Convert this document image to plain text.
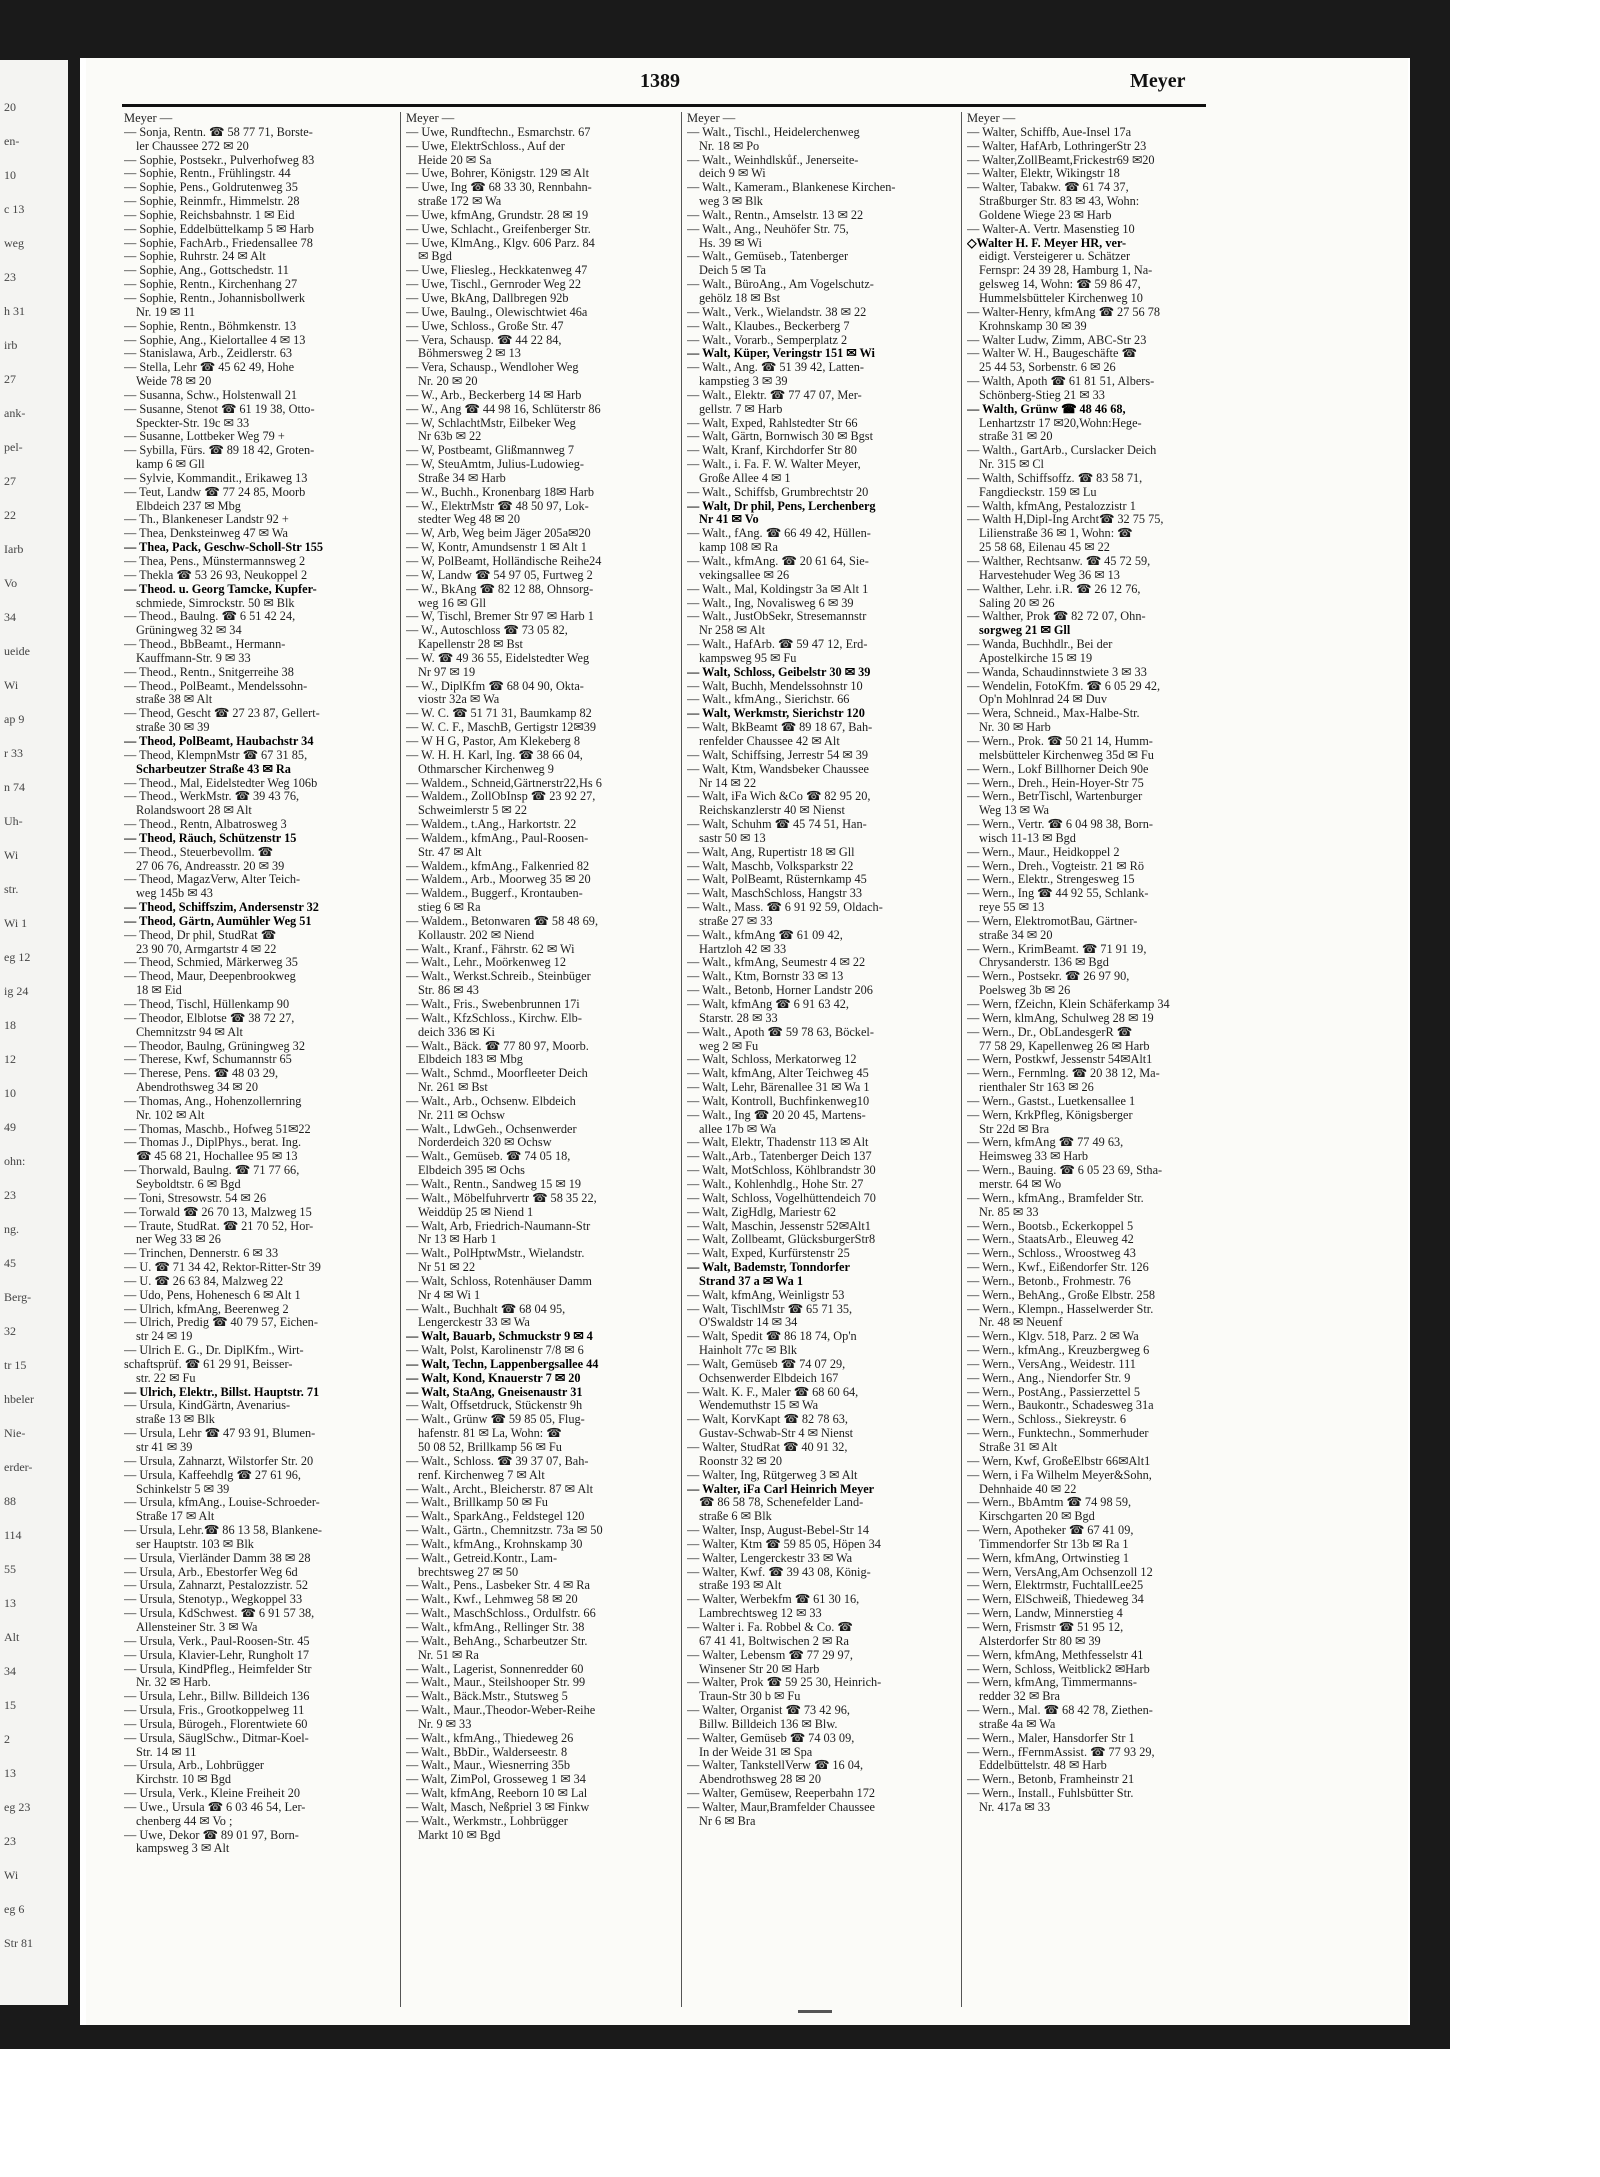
20
en-
10
c 13
weg
23
h 31
irb
27
ank-
pel-
27
22
Iarb
Vo
34
ueide
Wi
ap 9
r 33
n 74
Uh-
Wi
str.
Wi 1
eg 12
ig 24
18
12
10
49
ohn:
23
ng.
45
Berg-
32
tr 15
hbeler
Nie-
erder-
88
114
55
13
Alt
34
15
2
13
eg 23
23
Wi
eg 6
Str 81
1389	Meyer
Meyer —
— Sonja, Rentn. ☎ 58 77 71, Borste-
ler Chaussee 272 ✉ 20
— Sophie, Postsekr., Pulverhofweg 83
— Sophie, Rentn., Frühlingstr. 44
— Sophie, Pens., Goldrutenweg 35
— Sophie, Reinmfr., Himmelstr. 28
— Sophie, Reichsbahnstr. 1 ✉ Eid
— Sophie, Eddelbüttelkamp 5 ✉ Harb
— Sophie, FachArb., Friedensallee 78
— Sophie, Ruhrstr. 24 ✉ Alt
— Sophie, Ang., Gottschedstr. 11
— Sophie, Rentn., Kirchenhang 27
— Sophie, Rentn., Johannisbollwerk
Nr. 19 ✉ 11
— Sophie, Rentn., Böhmkenstr. 13
— Sophie, Ang., Kielortallee 4 ✉ 13
— Stanislawa, Arb., Zeidlerstr. 63
— Stella, Lehr ☎ 45 62 49, Hohe
Weide 78 ✉ 20
— Susanna, Schw., Holstenwall 21
— Susanne, Stenot ☎ 61 19 38, Otto-
Speckter-Str. 19c ✉ 33
— Susanne, Lottbeker Weg 79 +
— Sybilla, Fürs. ☎ 89 18 42, Groten-
kamp 6 ✉ Gll
— Sylvie, Kommandit., Erikaweg 13
— Teut, Landw ☎ 77 24 85, Moorb
Elbdeich 237 ✉ Mbg
— Th., Blankeneser Landstr 92 +
— Thea, Denksteinweg 47 ✉ Wa
— Thea, Pack, Geschw-Scholl-Str 155
— Thea, Pens., Münstermannsweg 2
— Thekla ☎ 53 26 93, Neukoppel 2
— Theod. u. Georg Tamcke, Kupfer-
schmiede, Simrockstr. 50 ✉ Blk
— Theod., Baulng. ☎ 6 51 42 24,
Grüningweg 32 ✉ 34
— Theod., BbBeamt., Hermann-
Kauffmann-Str. 9 ✉ 33
— Theod., Rentn., Snitgerreihe 38
— Theod., PolBeamt., Mendelssohn-
straße 38 ✉ Alt
— Theod, Gescht ☎ 27 23 87, Gellert-
straße 30 ✉ 39
— Theod, PolBeamt, Haubachstr 34
— Theod, KlempnMstr ☎ 67 31 85,
Scharbeutzer Straße 43 ✉ Ra
— Theod., Mal, Eidelstedter Weg 106b
— Theod., WerkMstr. ☎ 39 43 76,
Rolandswoort 28 ✉ Alt
— Theod., Rentn, Albatrosweg 3
— Theod, Räuch, Schützenstr 15
— Theod., Steuerbevollm. ☎
27 06 76, Andreasstr. 20 ✉ 39
— Theod, MagazVerw, Alter Teich-
weg 145b ✉ 43
— Theod, Schiffszim, Andersenstr 32
— Theod, Gärtn, Aumühler Weg 51
— Theod, Dr phil, StudRat ☎
23 90 70, Armgartstr 4 ✉ 22
— Theod, Schmied, Märkerweg 35
— Theod, Maur, Deepenbrookweg
18 ✉ Eid
— Theod, Tischl, Hüllenkamp 90
— Theodor, Elblotse ☎ 38 72 27,
Chemnitzstr 94 ✉ Alt
— Theodor, Baulng, Grüningweg 32
— Therese, Kwf, Schumannstr 65
— Therese, Pens. ☎ 48 03 29,
Abendrothsweg 34 ✉ 20
— Thomas, Ang., Hohenzollernring
Nr. 102 ✉ Alt
— Thomas, Maschb., Hofweg 51✉22
— Thomas J., DiplPhys., berat. Ing.
☎ 45 68 21, Hochallee 95 ✉ 13
— Thorwald, Baulng. ☎ 71 77 66,
Seyboldtstr. 6 ✉ Bgd
— Toni, Stresowstr. 54 ✉ 26
— Torwald ☎ 26 70 13, Malzweg 15
— Traute, StudRat. ☎ 21 70 52, Hor-
ner Weg 33 ✉ 26
— Trinchen, Dennerstr. 6 ✉ 33
— U. ☎ 71 34 42, Rektor-Ritter-Str 39
— U. ☎ 26 63 84, Malzweg 22
— Udo, Pens, Hohenesch 6 ✉ Alt 1
— Ulrich, kfmAng, Beerenweg 2
— Ulrich, Predig ☎ 40 79 57, Eichen-
str 24 ✉ 19
— Ulrich E. G., Dr. DiplKfm., Wirt-
schaftsprüf. ☎ 61 29 91, Beisser-
str. 22 ✉ Fu
— Ulrich, Elektr., Billst. Hauptstr. 71
— Ursula, KindGärtn, Avenarius-
straße 13 ✉ Blk
— Ursula, Lehr ☎ 47 93 91, Blumen-
str 41 ✉ 39
— Ursula, Zahnarzt, Wilstorfer Str. 20
— Ursula, Kaffeehdlg ☎ 27 61 96,
Schinkelstr 5 ✉ 39
— Ursula, kfmAng., Louise-Schroeder-
Straße 17 ✉ Alt
— Ursula, Lehr.☎ 86 13 58, Blankene-
ser Hauptstr. 103 ✉ Blk
— Ursula, Vierländer Damm 38 ✉ 28
— Ursula, Arb., Ebestorfer Weg 6d
— Ursula, Zahnarzt, Pestalozzistr. 52
— Ursula, Stenotyp., Wegkoppel 33
— Ursula, KdSchwest. ☎ 6 91 57 38,
Allensteiner Str. 3 ✉ Wa
— Ursula, Verk., Paul-Roosen-Str. 45
— Ursula, Klavier-Lehr, Rungholt 17
— Ursula, KindPfleg., Heimfelder Str
Nr. 32 ✉ Harb.
— Ursula, Lehr., Billw. Billdeich 136
— Ursula, Fris., Grootkoppelweg 11
— Ursula, Bürogeh., Florentwiete 60
— Ursula, SäuglSchw., Ditmar-Koel-
Str. 14 ✉ 11
— Ursula, Arb., Lohbrügger
Kirchstr. 10 ✉ Bgd
— Ursula, Verk., Kleine Freiheit 20
— Uwe., Ursula ☎ 6 03 46 54, Ler-
chenberg 44 ✉ Vo ;
— Uwe, Dekor ☎ 89 01 97, Born-
kampsweg 3 ✉ Alt
Meyer —
— Uwe, Rundftechn., Esmarchstr. 67
— Uwe, ElektrSchloss., Auf der
Heide 20 ✉ Sa
— Uwe, Bohrer, Königstr. 129 ✉ Alt
— Uwe, Ing ☎ 68 33 30, Rennbahn-
straße 172 ✉ Wa
— Uwe, kfmAng, Grundstr. 28 ✉ 19
— Uwe, Schlacht., Greifenberger Str.
— Uwe, KlmAng., Klgv. 606 Parz. 84
✉ Bgd
— Uwe, Fliesleg., Heckkatenweg 47
— Uwe, Tischl., Gernroder Weg 22
— Uwe, BkAng, Dallbregen 92b
— Uwe, Baulng., Olewischtwiet 46a
— Uwe, Schloss., Große Str. 47
— Vera, Schausp. ☎ 44 22 84,
Böhmersweg 2 ✉ 13
— Vera, Schausp., Wendloher Weg
Nr. 20 ✉ 20
— W., Arb., Beckerberg 14 ✉ Harb
— W., Ang ☎ 44 98 16, Schlüterstr 86
— W, SchlachtMstr, Eilbeker Weg
Nr 63b ✉ 22
— W, Postbeamt, Glißmannweg 7
— W, SteuAmtm, Julius-Ludowieg-
Straße 34 ✉ Harb
— W., Buchh., Kronenbarg 18✉ Harb
— W., ElektrMstr ☎ 48 50 97, Lok-
stedter Weg 48 ✉ 20
— W, Arb, Weg beim Jäger 205a✉20
— W, Kontr, Amundsenstr 1 ✉ Alt 1
— W, PolBeamt, Holländische Reihe24
— W, Landw ☎ 54 97 05, Furtweg 2
— W., BkAng ☎ 82 12 88, Ohnsorg-
weg 16 ✉ Gll
— W, Tischl, Bremer Str 97 ✉ Harb 1
— W., Autoschloss ☎ 73 05 82,
Kapellenstr 28 ✉ Bst
— W. ☎ 49 36 55, Eidelstedter Weg
Nr 97 ✉ 19
— W., DiplKfm ☎ 68 04 90, Okta-
viostr 32a ✉ Wa
— W. C. ☎ 51 71 31, Baumkamp 82
— W. C. F., MaschB, Gertigstr 12✉39
— W H G, Pastor, Am Klekeberg 8
— W. H. H. Karl, Ing. ☎ 38 66 04,
Othmarscher Kirchenweg 9
— Waldem., Schneid,Gärtnerstr22,Hs 6
— Waldem., ZollObInsp ☎ 23 92 27,
Schweimlerstr 5 ✉ 22
— Waldem., t.Ang., Harkortstr. 22
— Waldem., kfmAng., Paul-Roosen-
Str. 47 ✉ Alt
— Waldem., kfmAng., Falkenried 82
— Waldem., Arb., Moorweg 35 ✉ 20
— Waldem., Buggerf., Krontauben-
stieg 6 ✉ Ra
— Waldem., Betonwaren ☎ 58 48 69,
Kollaustr. 202 ✉ Niend
— Walt., Kranf., Fährstr. 62 ✉ Wi
— Walt., Lehr., Moörkenweg 12
— Walt., Werkst.Schreib., Steinbüger
Str. 86 ✉ 43
— Walt., Fris., Swebenbrunnen 17i
— Walt., KfzSchloss., Kirchw. Elb-
deich 336 ✉ Ki
— Walt., Bäck. ☎ 77 80 97, Moorb.
Elbdeich 183 ✉ Mbg
— Walt., Schmd., Moorfleeter Deich
Nr. 261 ✉ Bst
— Walt., Arb., Ochsenw. Elbdeich
Nr. 211 ✉ Ochsw
— Walt., LdwGeh., Ochsenwerder
Norderdeich 320 ✉ Ochsw
— Walt., Gemüseb. ☎ 74 05 18,
Elbdeich 395 ✉ Ochs
— Walt., Rentn., Sandweg 15 ✉ 19
— Walt., Möbelfuhrvertr ☎ 58 35 22,
Weiddüp 25 ✉ Niend 1
— Walt, Arb, Friedrich-Naumann-Str
Nr 13 ✉ Harb 1
— Walt., PolHptwMstr., Wielandstr.
Nr 51 ✉ 22
— Walt, Schloss, Rotenhäuser Damm
Nr 4 ✉ Wi 1
— Walt., Buchhalt ☎ 68 04 95,
Lengerckestr 33 ✉ Wa
— Walt, Bauarb, Schmuckstr 9 ✉ 4
— Walt, Polst, Karolinenstr 7/8 ✉ 6
— Walt, Techn, Lappenbergsallee 44
— Walt, Kond, Knauerstr 7 ✉ 20
— Walt, StaAng, Gneisenaustr 31
— Walt, Offsetdruck, Stückenstr 9h
— Walt., Grünw ☎ 59 85 05, Flug-
hafenstr. 81 ✉ La, Wohn: ☎
50 08 52, Brillkamp 56 ✉ Fu
— Walt., Schloss. ☎ 39 37 07, Bah-
renf. Kirchenweg 7 ✉ Alt
— Walt., Archt., Bleicherstr. 87 ✉ Alt
— Walt., Brillkamp 50 ✉ Fu
— Walt., SparkAng., Feldstegel 120
— Walt., Gärtn., Chemnitzstr. 73a ✉ 50
— Walt., kfmAng., Krohnskamp 30
— Walt., Getreid.Kontr., Lam-
brechtsweg 27 ✉ 50
— Walt., Pens., Lasbeker Str. 4 ✉ Ra
— Walt., Kwf., Lehmweg 58 ✉ 20
— Walt., MaschSchloss., Ordulfstr. 66
— Walt., kfmAng., Rellinger Str. 38
— Walt., BehAng., Scharbeutzer Str.
Nr. 51 ✉ Ra
— Walt., Lagerist, Sonnenredder 60
— Walt., Maur., Steilshooper Str. 99
— Walt., Bäck.Mstr., Stutsweg 5
— Walt., Maur.,Theodor-Weber-Reihe
Nr. 9 ✉ 33
— Walt., kfmAng., Thiedeweg 26
— Walt., BbDir., Walderseestr. 8
— Walt., Maur., Wiesnerring 35b
— Walt, ZimPol, Grosseweg 1 ✉ 34
— Walt, kfmAng, Reeborn 10 ✉ Lal
— Walt, Masch, Neßpriel 3 ✉ Finkw
— Walt., Werkmstr., Lohbrügger
Markt 10 ✉ Bgd
Meyer —
— Walt., Tischl., Heidelerchenweg
Nr. 18 ✉ Po
— Walt., Weinhdlskůf., Jenerseite-
deich 9 ✉ Wi
— Walt., Kameram., Blankenese Kirchen-
weg 3 ✉ Blk
— Walt., Rentn., Amselstr. 13 ✉ 22
— Walt., Ang., Neuhöfer Str. 75,
Hs. 39 ✉ Wi
— Walt., Gemüseb., Tatenberger
Deich 5 ✉ Ta
— Walt., BüroAng., Am Vogelschutz-
gehölz 18 ✉ Bst
— Walt., Verk., Wielandstr. 38 ✉ 22
— Walt., Klaubes., Beckerberg 7
— Walt., Vorarb., Semperplatz 2
— Walt, Küper, Veringstr 151 ✉ Wi
— Walt., Ang. ☎ 51 39 42, Latten-
kampstieg 3 ✉ 39
— Walt., Elektr. ☎ 77 47 07, Mer-
gellstr. 7 ✉ Harb
— Walt, Exped, Rahlstedter Str 66
— Walt, Gärtn, Bornwisch 30 ✉ Bgst
— Walt, Kranf, Kirchdorfer Str 80
— Walt., i. Fa. F. W. Walter Meyer,
Große Allee 4 ✉ 1
— Walt., Schiffsb, Grumbrechtstr 20
— Walt, Dr phil, Pens, Lerchenberg
Nr 41 ✉ Vo
— Walt., fAng. ☎ 66 49 42, Hüllen-
kamp 108 ✉ Ra
— Walt., kfmAng. ☎ 20 61 64, Sie-
vekingsallee ✉ 26
— Walt., Mal, Koldingstr 3a ✉ Alt 1
— Walt., Ing, Novalisweg 6 ✉ 39
— Walt., JustObSekr, Stresemannstr
Nr 258 ✉ Alt
— Walt., HafArb. ☎ 59 47 12, Erd-
kampsweg 95 ✉ Fu
— Walt, Schloss, Geibelstr 30 ✉ 39
— Walt, Buchh, Mendelssohnstr 10
— Walt., kfmAng., Sierichstr. 66
— Walt, Werkmstr, Sierichstr 120
— Walt, BkBeamt ☎ 89 18 67, Bah-
renfelder Chaussee 42 ✉ Alt
— Walt, Schiffsing, Jerrestr 54 ✉ 39
— Walt, Ktm, Wandsbeker Chaussee
Nr 14 ✉ 22
— Walt, iFa Wich &Co ☎ 82 95 20,
Reichskanzlerstr 40 ✉ Nienst
— Walt, Schuhm ☎ 45 74 51, Han-
sastr 50 ✉ 13
— Walt, Ang, Rupertistr 18 ✉ Gll
— Walt, Maschb, Volksparkstr 22
— Walt, PolBeamt, Rüsternkamp 45
— Walt, MaschSchloss, Hangstr 33
— Walt., Mass. ☎ 6 91 92 59, Oldach-
straße 27 ✉ 33
— Walt., kfmAng ☎ 61 09 42,
Hartzloh 42 ✉ 33
— Walt., kfmAng, Seumestr 4 ✉ 22
— Walt., Ktm, Bornstr 33 ✉ 13
— Walt., Betonb, Horner Landstr 206
— Walt, kfmAng ☎ 6 91 63 42,
Starstr. 28 ✉ 33
— Walt., Apoth ☎ 59 78 63, Böckel-
weg 2 ✉ Fu
— Walt, Schloss, Merkatorweg 12
— Walt, kfmAng, Alter Teichweg 45
— Walt, Lehr, Bärenallee 31 ✉ Wa 1
— Walt, Kontroll, Buchfinkenweg10
— Walt., Ing ☎ 20 20 45, Martens-
allee 17b ✉ Wa
— Walt, Elektr, Thadenstr 113 ✉ Alt
— Walt.,Arb., Tatenberger Deich 137
— Walt, MotSchloss, Köhlbrandstr 30
— Walt., Kohlenhdlg., Hohe Str. 27
— Walt, Schloss, Vogelhüttendeich 70
— Walt, ZigHdlg, Mariestr 62
— Walt, Maschin, Jessenstr 52✉Alt1
— Walt, Zollbeamt, GlücksburgerStr8
— Walt, Exped, Kurfürstenstr 25
— Walt, Bademstr, Tonndorfer
Strand 37 a ✉ Wa 1
— Walt, kfmAng, Weinligstr 53
— Walt, TischlMstr ☎ 65 71 35,
O'Swaldstr 14 ✉ 34
— Walt, Spedit ☎ 86 18 74, Op'n
Hainholt 77c ✉ Blk
— Walt, Gemüseb ☎ 74 07 29,
Ochsenwerder Elbdeich 167
— Walt. K. F., Maler ☎ 68 60 64,
Wendemuthstr 15 ✉ Wa
— Walt, KorvKapt ☎ 82 78 63,
Gustav-Schwab-Str 4 ✉ Nienst
— Walter, StudRat ☎ 40 91 32,
Roonstr 32 ✉ 20
— Walter, Ing, Rütgerweg 3 ✉ Alt
— Walter, iFa Carl Heinrich Meyer
☎ 86 58 78, Schenefelder Land-
straße 6 ✉ Blk
— Walter, Insp, August-Bebel-Str 14
— Walter, Ktm ☎ 59 85 05, Höpen 34
— Walter, Lengerckestr 33 ✉ Wa
— Walter, Kwf. ☎ 39 43 08, König-
straße 193 ✉ Alt
— Walter, Werbekfm ☎ 61 30 16,
Lambrechtsweg 12 ✉ 33
— Walter i. Fa. Robbel & Co. ☎
67 41 41, Boltwischen 2 ✉ Ra
— Walter, Lebensm ☎ 77 29 97,
Winsener Str 20 ✉ Harb
— Walter, Prok ☎ 59 25 30, Heinrich-
Traun-Str 30 b ✉ Fu
— Walter, Organist ☎ 73 42 96,
Billw. Billdeich 136 ✉ Blw.
— Walter, Gemüseb ☎ 74 03 09,
In der Weide 31 ✉ Spa
— Walter, TankstellVerw ☎ 16 04,
Abendrothsweg 28 ✉ 20
— Walter, Gemüsew, Reeperbahn 172
— Walter, Maur,Bramfelder Chaussee
Nr 6 ✉ Bra
Meyer —
— Walter, Schiffb, Aue-Insel 17a
— Walter, HafArb, LothringerStr 23
— Walter,ZollBeamt,Frickestr69 ✉20
— Walter, Elektr, Wikingstr 18
— Walter, Tabakw. ☎ 61 74 37,
Straßburger Str. 83 ✉ 43, Wohn:
Goldene Wiege 23 ✉ Harb
— Walter-A. Vertr. Masenstieg 10
◇ Walter H. F. Meyer HR, ver-
eidigt. Versteigerer u. Schätzer
Fernspr: 24 39 28, Hamburg 1, Na-
gelsweg 14, Wohn: ☎ 59 86 47,
Hummelsbütteler Kirchenweg 10
— Walter-Henry, kfmAng ☎ 27 56 78
Krohnskamp 30 ✉ 39
— Walter Ludw, Zimm, ABC-Str 23
— Walter W. H., Baugeschäfte ☎
25 44 53, Sorbenstr. 6 ✉ 26
— Walth, Apoth ☎ 61 81 51, Albers-
Schönberg-Stieg 21 ✉ 33
— Walth, Grünw ☎ 48 46 68,
Lenhartzstr 17 ✉20,Wohn:Hege-
straße 31 ✉ 20
— Walth., GartArb., Curslacker Deich
Nr. 315 ✉ Cl
— Walth, Schiffsoffz. ☎ 83 58 71,
Fangdieckstr. 159 ✉ Lu
— Walth, kfmAng, Pestalozzistr 1
— Walth H,Dipl-Ing Archt☎ 32 75 75,
Lilienstraße 36 ✉ 1, Wohn: ☎
25 58 68, Eilenau 45 ✉ 22
— Walther, Rechtsanw. ☎ 45 72 59,
Harvestehuder Weg 36 ✉ 13
— Walther, Lehr. i.R. ☎ 26 12 76,
Saling 20 ✉ 26
— Walther, Prok ☎ 82 72 07, Ohn-
sorgweg 21 ✉ Gll
— Wanda, Buchhdlr., Bei der
Apostelkirche 15 ✉ 19
— Wanda, Schaudinnstwiete 3 ✉ 33
— Wendelin, FotoKfm. ☎ 6 05 29 42,
Op'n Mohlnrad 24 ✉ Duv
— Wera, Schneid., Max-Halbe-Str.
Nr. 30 ✉ Harb
— Wern., Prok. ☎ 50 21 14, Humm-
melsbütteler Kirchenweg 35d ✉ Fu
— Wern., Lokf Billhorner Deich 90e
— Wern., Dreh., Hein-Hoyer-Str 75
— Wern., BetrTischl, Wartenburger
Weg 13 ✉ Wa
— Wern., Vertr. ☎ 6 04 98 38, Born-
wisch 11-13 ✉ Bgd
— Wern., Maur., Heidkoppel 2
— Wern., Dreh., Vogteistr. 21 ✉ Rö
— Wern., Elektr., Strengesweg 15
— Wern., Ing ☎ 44 92 55, Schlank-
reye 55 ✉ 13
— Wern, ElektromotBau, Gärtner-
straße 34 ✉ 20
— Wern., KrimBeamt. ☎ 71 91 19,
Chrysanderstr. 136 ✉ Bgd
— Wern., Postsekr. ☎ 26 97 90,
Poelsweg 3b ✉ 26
— Wern, fZeichn, Klein Schäferkamp 34
— Wern, klmAng, Schulweg 28 ✉ 19
— Wern., Dr., ObLandesgerR ☎
77 58 29, Kapellenweg 26 ✉ Harb
— Wern, Postkwf, Jessenstr 54✉Alt1
— Wern., Fernmlng. ☎ 20 38 12, Ma-
rienthaler Str 163 ✉ 26
— Wern., Gastst., Luetkensallee 1
— Wern, KrkPfleg, Königsberger
Str 22d ✉ Bra
— Wern, kfmAng ☎ 77 49 63,
Heimsweg 33 ✉ Harb
— Wern., Bauing. ☎ 6 05 23 69, Stha-
merstr. 64 ✉ Wo
— Wern., kfmAng., Bramfelder Str.
Nr. 85 ✉ 33
— Wern., Bootsb., Eckerkoppel 5
— Wern., StaatsArb., Eleuweg 42
— Wern., Schloss., Wroostweg 43
— Wern., Kwf., Eißendorfer Str. 126
— Wern., Betonb., Frohmestr. 76
— Wern., BehAng., Große Elbstr. 258
— Wern., Klempn., Hasselwerder Str.
Nr. 48 ✉ Neuenf
— Wern., Klgv. 518, Parz. 2 ✉ Wa
— Wern., kfmAng., Kreuzbergweg 6
— Wern., VersAng., Weidestr. 111
— Wern., Ang., Niendorfer Str. 9
— Wern., PostAng., Passierzettel 5
— Wern., Baukontr., Schadesweg 31a
— Wern., Schloss., Siekreystr. 6
— Wern., Funktechn., Sommerhuder
Straße 31 ✉ Alt
— Wern, Kwf, GroßeElbstr 66✉Alt1
— Wern, i Fa Wilhelm Meyer&Sohn,
Dehnhaide 40 ✉ 22
— Wern., BbAmtm ☎ 74 98 59,
Kirschgarten 20 ✉ Bgd
— Wern, Apotheker ☎ 67 41 09,
Timmendorfer Str 13b ✉ Ra 1
— Wern, kfmAng, Ortwinstieg 1
— Wern, VersAng,Am Ochsenzoll 12
— Wern, Elektrmstr, FuchtallLee25
— Wern, ElSchweiß, Thiedeweg 34
— Wern, Landw, Minnerstieg 4
— Wern, Frismstr ☎ 51 95 12,
Alsterdorfer Str 80 ✉ 39
— Wern, kfmAng, Methfesselstr 41
— Wern, Schloss, Weitblick2 ✉Harb
— Wern, kfmAng, Timmermanns-
redder 32 ✉ Bra
— Wern., Mal. ☎ 68 42 78, Ziethen-
straße 4a ✉ Wa
— Wern., Maler, Hansdorfer Str 1
— Wern., fFernmAssist. ☎ 77 93 29,
Eddelbüttelstr. 48 ✉ Harb
— Wern., Betonb, Framheinstr 21
— Wern., Install., Fuhlsbütter Str.
Nr. 417a ✉ 33
